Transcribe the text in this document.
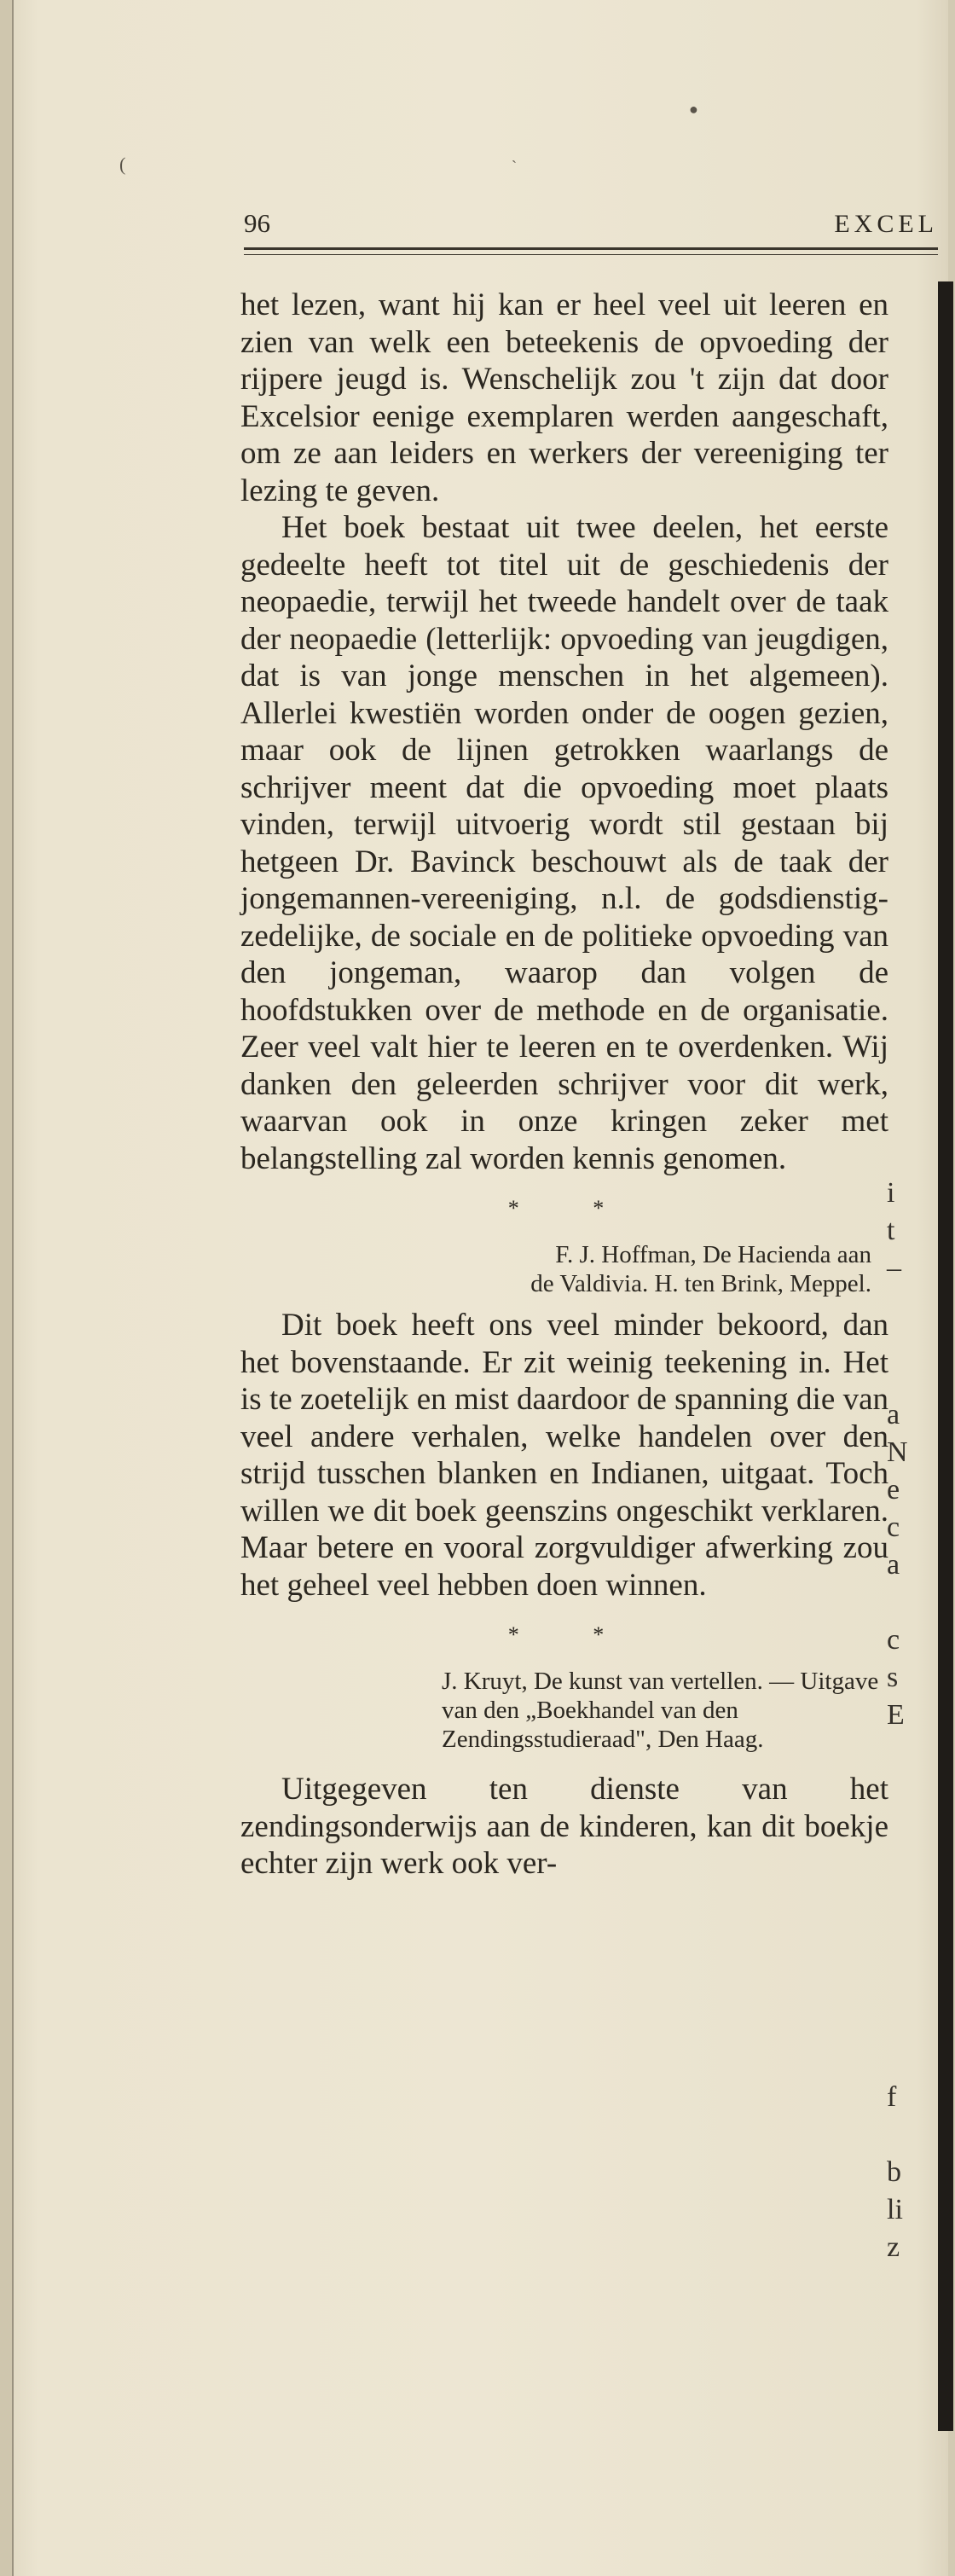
(
●
`
96	EXCEL

het lezen, want hij kan er heel veel uit leeren en zien van welk een beteekenis de opvoeding der rijpere jeugd is. Wenschelijk zou 't zijn dat door Excelsior eenige exemplaren werden aangeschaft, om ze aan leiders en werkers der vereeniging ter lezing te geven.

Het boek bestaat uit twee deelen, het eerste gedeelte heeft tot titel uit de geschiedenis der neopaedie, terwijl het tweede handelt over de taak der neopaedie (letterlijk: opvoeding van jeugdigen, dat is van jonge menschen in het algemeen). Allerlei kwestiën worden onder de oogen gezien, maar ook de lijnen getrokken waarlangs de schrijver meent dat die opvoeding moet plaats vinden, terwijl uitvoerig wordt stil gestaan bij hetgeen Dr. Bavinck beschouwt als de taak der jongemannen-vereeniging, n.l. de godsdienstig-zedelijke, de sociale en de politieke opvoeding van den jongeman, waarop dan volgen de hoofdstukken over de methode en de organisatie. Zeer veel valt hier te leeren en te overdenken. Wij danken den geleerden schrijver voor dit werk, waarvan ook in onze kringen zeker met belangstelling zal worden kennis genomen.

* *
F. J. Hoffman, De Hacienda aan
de Valdivia. H. ten Brink, Meppel.

Dit boek heeft ons veel minder bekoord, dan het bovenstaande. Er zit weinig teekening in. Het is te zoetelijk en mist daardoor de spanning die van veel andere verhalen, welke handelen over den strijd tusschen blanken en Indianen, uitgaat. Toch willen we dit boek geenszins ongeschikt verklaren. Maar betere en vooral zorgvuldiger afwerking zou het geheel veel hebben doen winnen.

* *
J. Kruyt, De kunst van vertellen. — Uitgave van den „Boekhandel van den Zendingsstudieraad", Den Haag.

Uitgegeven ten dienste van het zendingsonderwijs aan de kinderen, kan dit boekje echter zijn werk ook ver-

i
t
–
a
N
e
c
a
c
s
E
f
b
li
z
